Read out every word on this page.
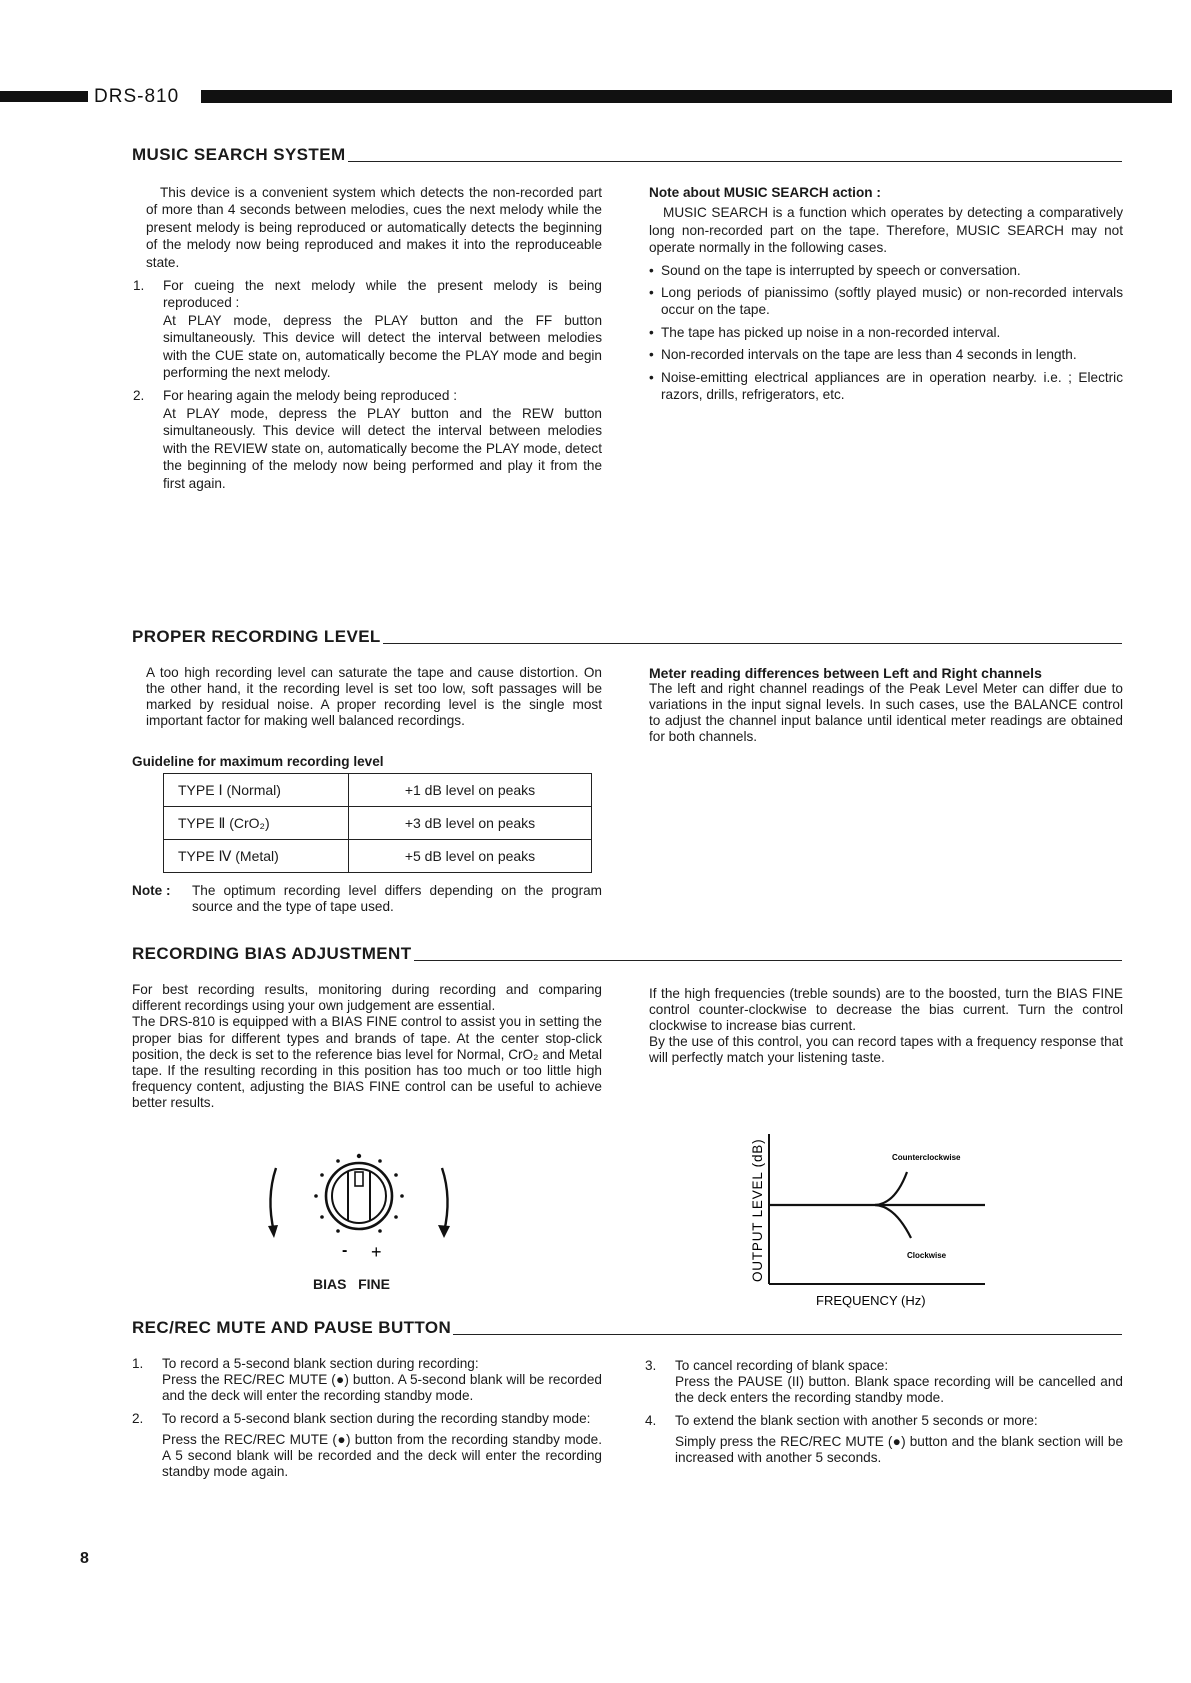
DRS-810
MUSIC SEARCH SYSTEM

This device is a convenient system which detects the non-recorded part of more than 4 seconds between melodies, cues the next melody while the present melody is being reproduced or automatically detects the beginning of the melody now being reproduced and makes it into the reproduceable state.

1.	For cueing the next melody while the present melody is being reproduced :
At PLAY mode, depress the PLAY button and the FF button simultaneously. This device will detect the interval between melodies with the CUE state on, automatically become the PLAY mode and begin performing the next melody.
2.	For hearing again the melody being reproduced :
At PLAY mode, depress the PLAY button and the REW button simultaneously. This device will detect the interval between melodies with the REVIEW state on, automatically become the PLAY mode, detect the beginning of the melody now being performed and play it from the first again.

Note about MUSIC SEARCH action :

MUSIC SEARCH is a function which operates by detecting a comparatively long non-recorded part on the tape. Therefore, MUSIC SEARCH may not operate normally in the following cases.

• Sound on the tape is interrupted by speech or conversation.
• Long periods of pianissimo (softly played music) or non-recorded intervals occur on the tape.
• The tape has picked up noise in a non-recorded interval.
• Non-recorded intervals on the tape are less than 4 seconds in length.
• Noise-emitting electrical appliances are in operation nearby. i.e. ; Electric razors, drills, refrigerators, etc.
PROPER RECORDING LEVEL
A too high recording level can saturate the tape and cause distortion. On the other hand, it the recording level is set too low, soft passages will be marked by residual noise. A proper recording level is the single most important factor for making well balanced recordings.
Guideline for maximum recording level
TYPE Ⅰ (Normal)	+1 dB level on peaks
TYPE Ⅱ (CrO₂)	+3 dB level on peaks
TYPE Ⅳ (Metal)	+5 dB level on peaks
Note :	The optimum recording level differs depending on the program source and the type of tape used.

Meter reading differences between Left and Right channels

The left and right channel readings of the Peak Level Meter can differ due to variations in the input signal levels. In such cases, use the BALANCE control to adjust the channel input balance until identical meter readings are obtained for both channels.

RECORDING BIAS ADJUSTMENT

For best recording results, monitoring during recording and comparing different recordings using your own judgement are essential.

The DRS-810 is equipped with a BIAS FINE control to assist you in setting the proper bias for different types and brands of tape. At the center stop-click position, the deck is set to the reference bias level for Normal, CrO₂ and Metal tape. If the resulting recording in this position has too much or too little high frequency content, adjusting the BIAS FINE control can be useful to achieve better results.

If the high frequencies (treble sounds) are to the boosted, turn the BIAS FINE control counter-clockwise to decrease the bias current. Turn the control clockwise to increase bias current.

By the use of this control, you can record tapes with a frequency response that will perfectly match your listening taste.

- +
BIAS   FINE
Counterclockwise
Clockwise
OUTPUT LEVEL (dB)
FREQUENCY (Hz)
REC/REC MUTE AND PAUSE BUTTON
1.	To record a 5-second blank section during recording:
Press the REC/REC MUTE (●) button. A 5-second blank will be recorded and the deck will enter the recording standby mode.
2.	To record a 5-second blank section during the recording standby mode:
Press the REC/REC MUTE (●) button from the recording standby mode. A 5 second blank will be recorded and the deck will enter the recording standby mode again.
3.	To cancel recording of blank space:
Press the PAUSE (II) button. Blank space recording will be cancelled and the deck enters the recording standby mode.
4.	To extend the blank section with another 5 seconds or more:
Simply press the REC/REC MUTE (●) button and the blank section will be increased with another 5 seconds.
8
